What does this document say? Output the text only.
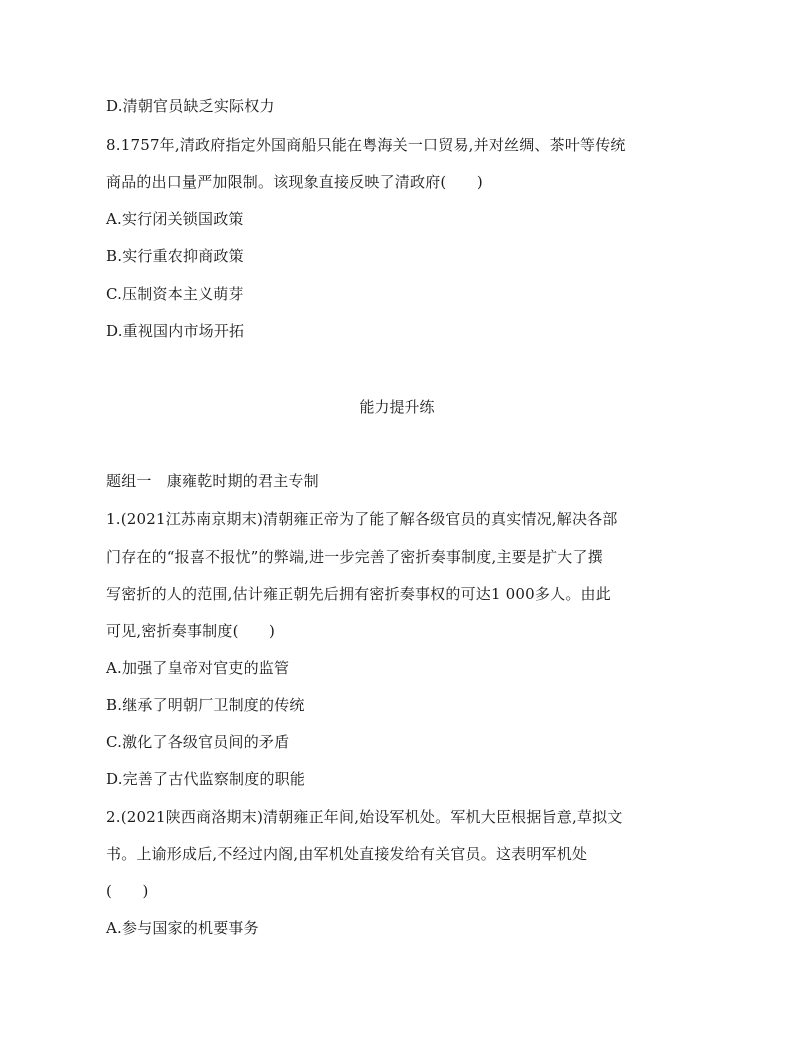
D.清朝官员缺乏实际权力
8.1757年,清政府指定外国商船只能在粤海关一口贸易,并对丝绸、茶叶等传统
商品的出口量严加限制。该现象直接反映了清政府(　　)
A.实行闭关锁国政策
B.实行重农抑商政策
C.压制资本主义萌芽
D.重视国内市场开拓
能力提升练
题组一　康雍乾时期的君主专制
1.(2021江苏南京期末)清朝雍正帝为了能了解各级官员的真实情况,解决各部
门存在的“报喜不报忧”的弊端,进一步完善了密折奏事制度,主要是扩大了撰
写密折的人的范围,估计雍正朝先后拥有密折奏事权的可达1 000多人。由此
可见,密折奏事制度(　　)
A.加强了皇帝对官吏的监管
B.继承了明朝厂卫制度的传统
C.激化了各级官员间的矛盾
D.完善了古代监察制度的职能
2.(2021陕西商洛期末)清朝雍正年间,始设军机处。军机大臣根据旨意,草拟文
书。上谕形成后,不经过内阁,由军机处直接发给有关官员。这表明军机处
(　　)
A.参与国家的机要事务
